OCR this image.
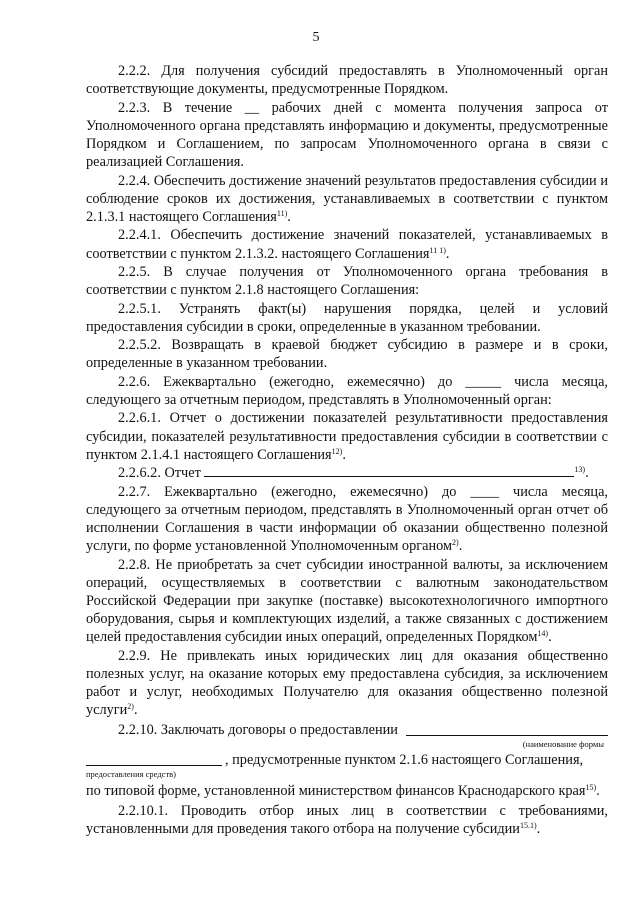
5

2.2.2. Для получения субсидий предоставлять в Уполномоченный орган соответствующие документы, предусмотренные Порядком.

2.2.3. В течение __ рабочих дней с момента получения запроса от Уполномоченного органа представлять информацию и документы, предусмотренные Порядком и Соглашением, по запросам Уполномоченного органа в связи с реализацией Соглашения.

2.2.4. Обеспечить достижение значений результатов предоставления субсидии и соблюдение сроков их достижения, устанавливаемых в соответствии с пунктом 2.1.3.1 настоящего Соглашения$^{11)}$.

2.2.4.1. Обеспечить достижение значений показателей, устанавливаемых в соответствии с пунктом 2.1.3.2. настоящего Соглашения$^{11 1)}$.

2.2.5. В случае получения от Уполномоченного органа требования в соответствии с пунктом 2.1.8 настоящего Соглашения:

2.2.5.1. Устранять факт(ы) нарушения порядка, целей и условий предоставления субсидии в сроки, определенные в указанном требовании.

2.2.5.2. Возвращать в краевой бюджет субсидию в размере и в сроки, определенные в указанном требовании.

2.2.6. Ежеквартально (ежегодно, ежемесячно) до _____ числа месяца, следующего за отчетным периодом, представлять в Уполномоченный орган:

2.2.6.1. Отчет о достижении показателей результативности предоставления субсидии, показателей результативности предоставления субсидии в соответствии с пунктом 2.1.4.1 настоящего Соглашения$^{12)}$.

2.2.6.2. Отчет	$^{13)}$.

2.2.7. Ежеквартально (ежегодно, ежемесячно) до ____ числа месяца, следующего за отчетным периодом, представлять в Уполномоченный орган отчет об исполнении Соглашения в части информации об оказании общественно полезной услуги, по форме установленной Уполномоченным органом$^{2)}$.

2.2.8. Не приобретать за счет субсидии иностранной валюты, за исключением операций, осуществляемых в соответствии с валютным законодательством Российской Федерации при закупке (поставке) высокотехнологичного импортного оборудования, сырья и комплектующих изделий, а также связанных с достижением целей предоставления субсидии иных операций, определенных Порядком$^{14)}$.

2.2.9. Не привлекать иных юридических лиц для оказания общественно полезных услуг, на оказание которых ему предоставлена субсидия, за исключением работ и услуг, необходимых Получателю для оказания общественно полезной услуги$^{2)}$.

2.2.10. Заключать договоры о предоставлении
(наименование формы
, предусмотренные пунктом 2.1.6 настоящего Соглашения,
предоставления средств)

по типовой форме, установленной министерством финансов Краснодарского края$^{15)}$.

2.2.10.1. Проводить отбор иных лиц в соответствии с требованиями, установленными для проведения такого отбора на получение субсидии$^{15.1)}$.
